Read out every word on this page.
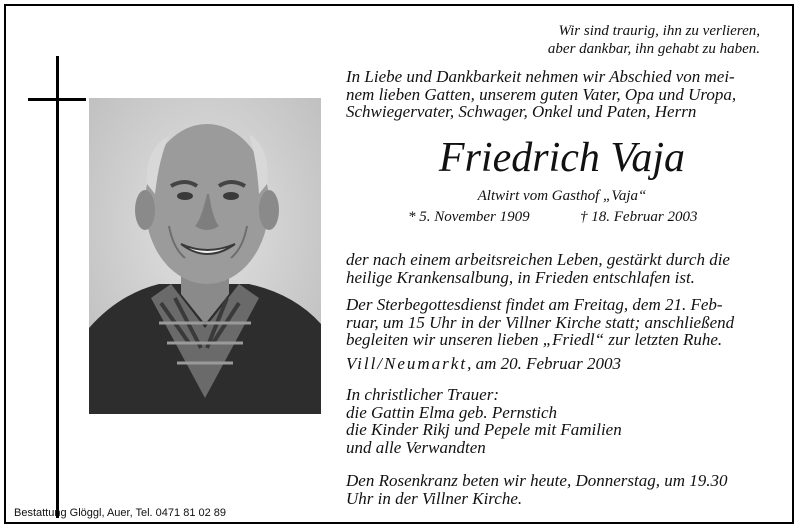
Wir sind traurig, ihn zu verlieren,
aber dankbar, ihn gehabt zu haben.
In Liebe und Dankbarkeit nehmen wir Abschied von mei-
nem lieben Gatten, unserem guten Vater, Opa und Uropa,
Schwiegervater, Schwager, Onkel und Paten, Herrn
Friedrich Vaja
Altwirt vom Gasthof „Vaja“
* 5. November 1909	† 18. Februar 2003
der nach einem arbeitsreichen Leben, gestärkt durch die
heilige Krankensalbung, in Frieden entschlafen ist.
Der Sterbegottesdienst findet am Freitag, dem 21. Feb-
ruar, um 15 Uhr in der Villner Kirche statt; anschließend
begleiten wir unseren lieben „Friedl“ zur letzten Ruhe.
Vill/Neumarkt, am 20. Februar 2003
In christlicher Trauer:
die Gattin Elma geb. Pernstich
die Kinder Rikj und Pepele mit Familien
und alle Verwandten
Den Rosenkranz beten wir heute, Donnerstag, um 19.30
Uhr in der Villner Kirche.
Bestattung Glöggl, Auer, Tel. 0471 81 02 89
